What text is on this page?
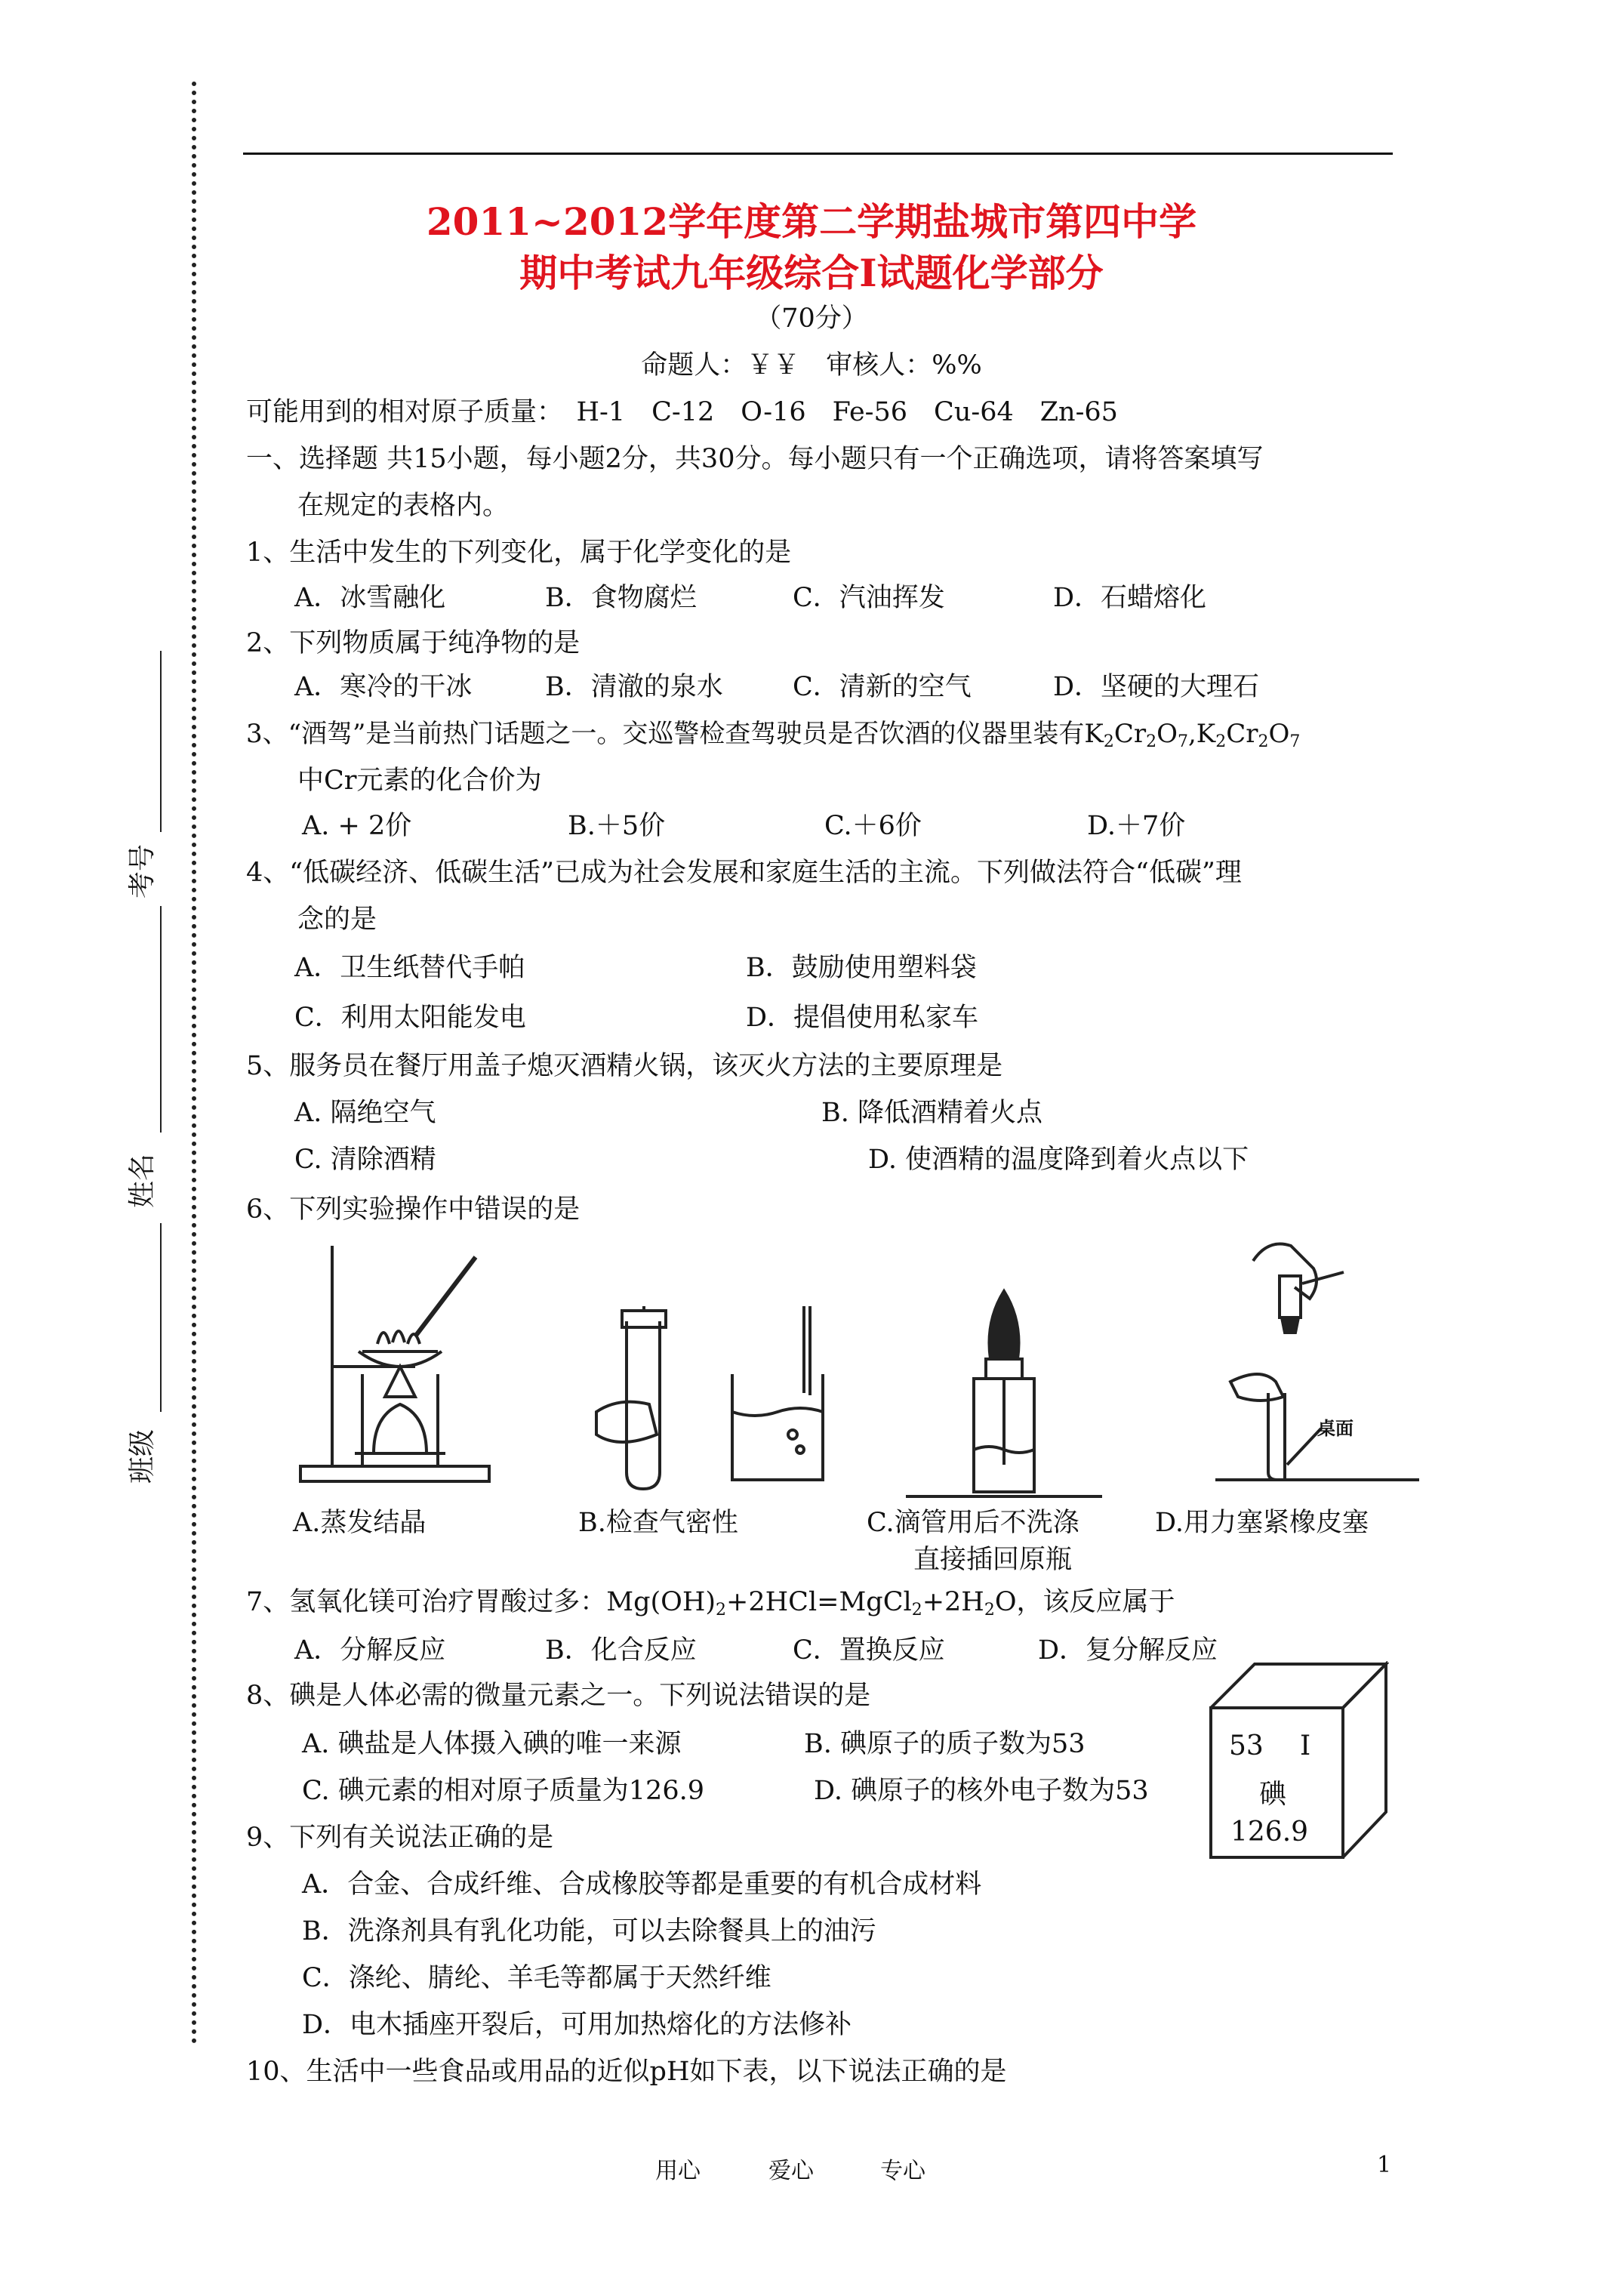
考号
姓名
班级
2011~2012学年度第二学期盐城市第四中学
期中考试九年级综合Ⅰ试题化学部分
（70分）
命题人：￥￥　审核人：%%
可能用到的相对原子质量：　H-1　C-12　O-16　Fe-56　Cu-64　Zn-65
一、选择题 共15小题，每小题2分，共30分。每小题只有一个正确选项，请将答案填写
在规定的表格内。
1、生活中发生的下列变化，属于化学变化的是
A．冰雪融化	B．食物腐烂	C．汽油挥发	D．石蜡熔化
2、下列物质属于纯净物的是
A．寒冷的干冰	B．清澈的泉水	C．清新的空气	D．坚硬的大理石
3、“酒驾”是当前热门话题之一。交巡警检查驾驶员是否饮酒的仪器里装有$K_2Cr_2O_7,K_2Cr_2O_7$
中Cr元素的化合价为
A. + 2价	B.＋5价	C.＋6价	D.＋7价
4、“低碳经济、低碳生活”已成为社会发展和家庭生活的主流。下列做法符合“低碳”理
念的是
A．卫生纸替代手帕	B．鼓励使用塑料袋
C．利用太阳能发电	D．提倡使用私家车
5、服务员在餐厅用盖子熄灭酒精火锅，该灭火方法的主要原理是
A. 隔绝空气	B. 降低酒精着火点
C. 清除酒精	D. 使酒精的温度降到着火点以下
6、下列实验操作中错误的是
桌面
A.蒸发结晶	B.检查气密性	C.滴管用后不洗涤
直接插回原瓶
D.用力塞紧橡皮塞
7、氢氧化镁可治疗胃酸过多：$Mg(OH)_2+2HCl=MgCl_2+2H_2O$，该反应属于
A．分解反应	B．化合反应	C．置换反应	D．复分解反应
8、碘是人体必需的微量元素之一。下列说法错误的是
A. 碘盐是人体摄入碘的唯一来源	B. 碘原子的质子数为53
C. 碘元素的相对原子质量为126.9	D. 碘原子的核外电子数为53
53 I
碘
126.9
9、下列有关说法正确的是
A．合金、合成纤维、合成橡胶等都是重要的有机合成材料
B．洗涤剂具有乳化功能，可以去除餐具上的油污
C．涤纶、腈纶、羊毛等都属于天然纤维
D．电木插座开裂后，可用加热熔化的方法修补
10、生活中一些食品或用品的近似pH如下表，以下说法正确的是
用心	爱心	专心	1
